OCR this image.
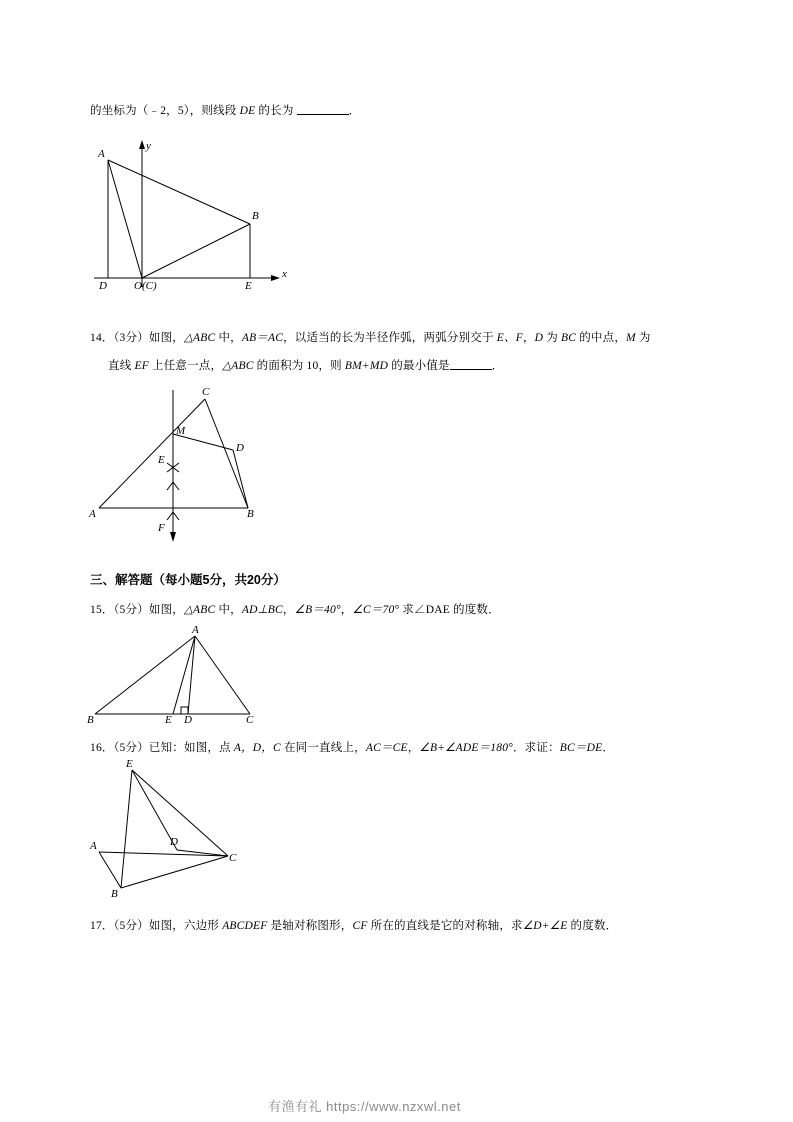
的坐标为（﹣2，5），则线段 DE 的长为	．
A
B
D O(C)	E
x
y
14．（3分）如图，△ABC 中，AB＝AC，以适当的长为半径作弧，两弧分别交于 E、F，D 为 BC 的中点，M 为
直线 EF 上任意一点，△ABC 的面积为 10，则 BM+MD 的最小值是	．
C
M
D
E
A	B
F
三、解答题（每小题5分，共20分）
15．（5分）如图，△ABC 中，AD⊥BC，∠B＝40°，∠C＝70° 求∠DAE 的度数．
A
B	E D	C
16．（5分）已知：如图，点 A，D，C 在同一直线上，AC＝CE，∠B+∠ADE＝180°．求证：BC＝DE．
E
A	D
C
B
17．（5分）如图，六边形 ABCDEF 是轴对称图形，CF 所在的直线是它的对称轴，求∠D+∠E 的度数．
有渔有礼 https://www.nzxwl.net
